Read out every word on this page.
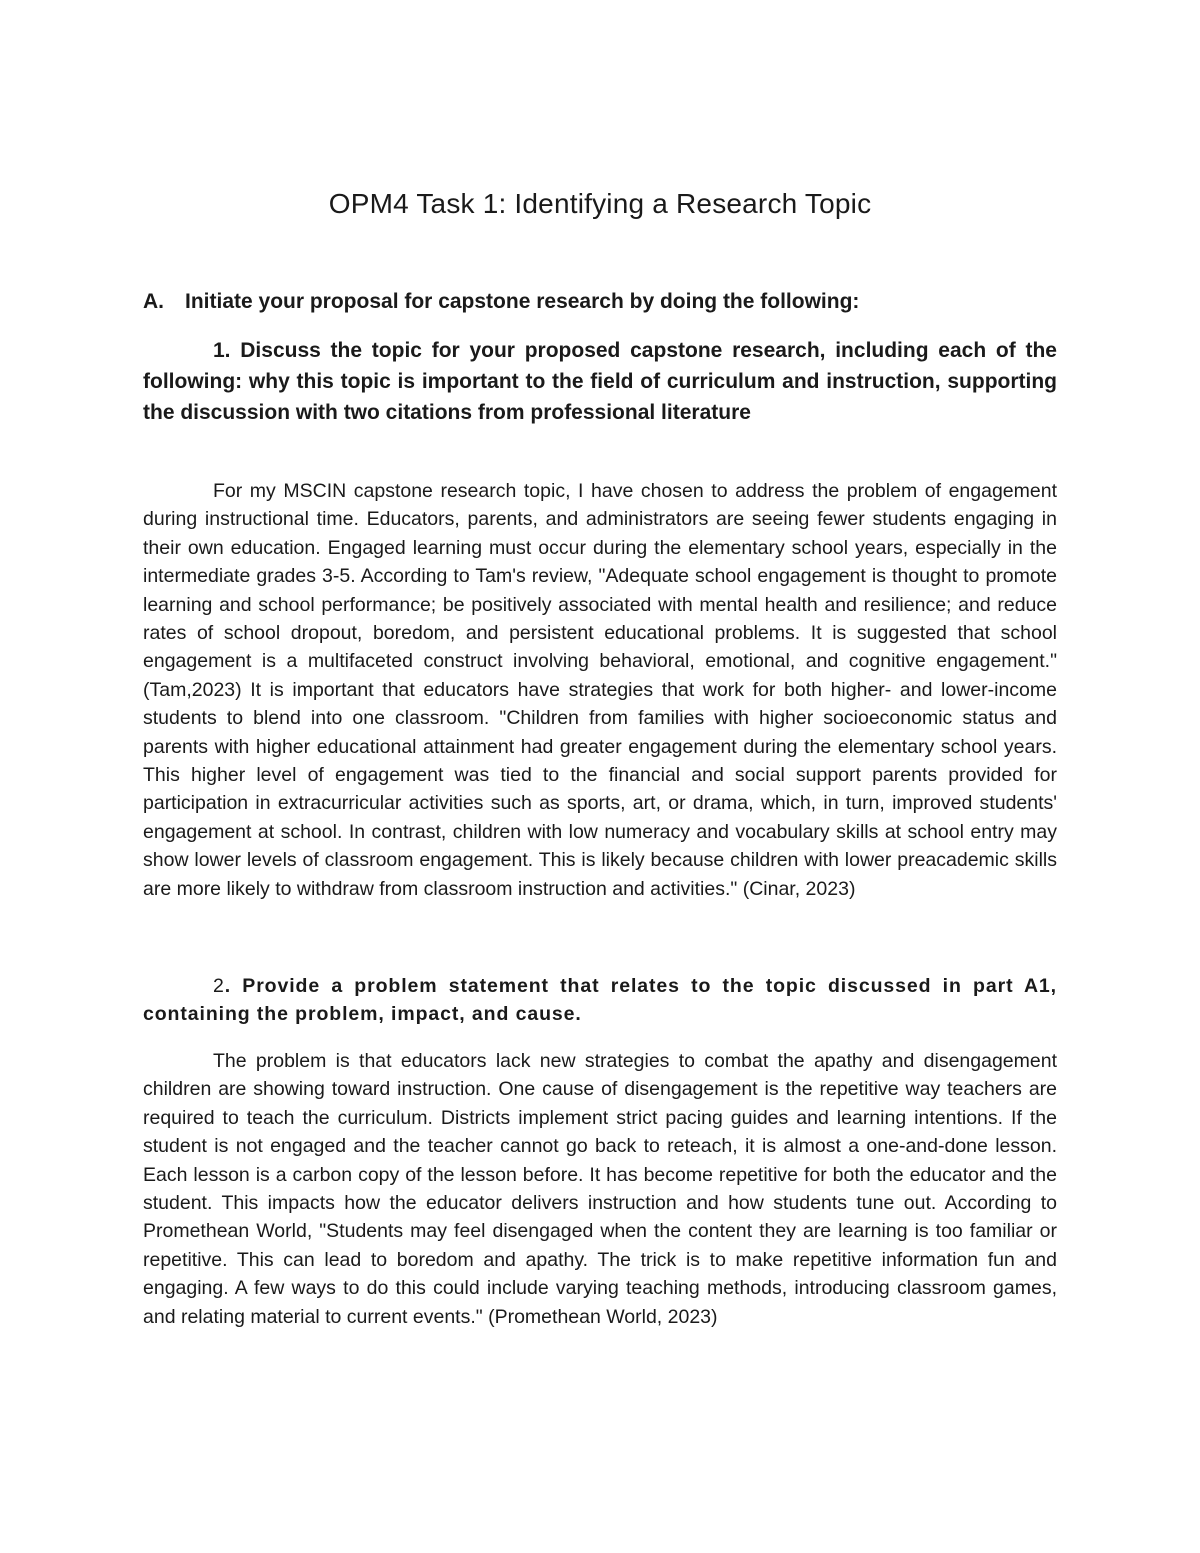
OPM4 Task 1: Identifying a Research Topic

A. Initiate your proposal for capstone research by doing the following:

1. Discuss the topic for your proposed capstone research, including each of the following: why this topic is important to the field of curriculum and instruction, supporting the discussion with two citations from professional literature

For my MSCIN capstone research topic, I have chosen to address the problem of engagement during instructional time. Educators, parents, and administrators are seeing fewer students engaging in their own education. Engaged learning must occur during the elementary school years, especially in the intermediate grades 3-5. According to Tam's review, "Adequate school engagement is thought to promote learning and school performance; be positively associated with mental health and resilience; and reduce rates of school dropout, boredom, and persistent educational problems. It is suggested that school engagement is a multifaceted construct involving behavioral, emotional, and cognitive engagement." (Tam,2023) It is important that educators have strategies that work for both higher- and lower-income students to blend into one classroom. "Children from families with higher socioeconomic status and parents with higher educational attainment had greater engagement during the elementary school years. This higher level of engagement was tied to the financial and social support parents provided for participation in extracurricular activities such as sports, art, or drama, which, in turn, improved students' engagement at school. In contrast, children with low numeracy and vocabulary skills at school entry may show lower levels of classroom engagement. This is likely because children with lower preacademic skills are more likely to withdraw from classroom instruction and activities." (Cinar, 2023)

2. Provide a problem statement that relates to the topic discussed in part A1, containing the problem, impact, and cause.

The problem is that educators lack new strategies to combat the apathy and disengagement children are showing toward instruction. One cause of disengagement is the repetitive way teachers are required to teach the curriculum. Districts implement strict pacing guides and learning intentions. If the student is not engaged and the teacher cannot go back to reteach, it is almost a one-and-done lesson. Each lesson is a carbon copy of the lesson before. It has become repetitive for both the educator and the student. This impacts how the educator delivers instruction and how students tune out. According to Promethean World, "Students may feel disengaged when the content they are learning is too familiar or repetitive. This can lead to boredom and apathy. The trick is to make repetitive information fun and engaging. A few ways to do this could include varying teaching methods, introducing classroom games, and relating material to current events." (Promethean World, 2023)
